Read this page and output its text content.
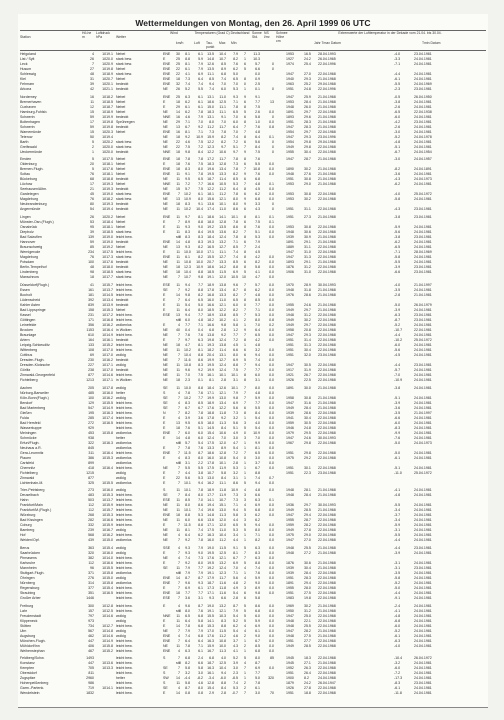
Wettermeldungen von Montag, den 26. April 1999 06 UTC
Station
Hö-he m
Luftdruck hPa	Wetter
Wind	Temperaturen (Grad C) Deutschland Sonne Std.
NS l/m²
Schnee Höhe cm
Extremwerte der Lufttemperatur in der Dekade vom 21.04. bis 30.04.
Luft Tau-punkt
Max Min
km/h	Jahr Tmax Datum	Tmin Datum
Helgoland	4	1019.1 Nebel	ENE 30 8.1	6.1	13.5	10.4	7.9	7	11.3	1953	16.5 28.04.1993	-4.0	23.04.1981
List / Sylt	26	1020.0 stark bew.	E	25 8.8	5.9	14.8	10.7	8.2	1	10.3	1927	24.2 26.04.1965	-3.3	24.04.1981
Leck	7	1020.9 stark bew.	ENE 25 8.1	7.9	12.6	8.5	7.6	6	5.7	0	1974	25.4 22.04.1996	-7.1	24.04.1981
Husum	27	1019.8 Nebel	ENE 22 6.1	7.9	13.5	8.9	6.2	5	6.6	0
Schleswig	48	1018.9 stark bew.	ENE 22 4.1	6.9	11.1	6.8	5.0	0.0	1947	27.0 22.04.1968	-4.4	24.04.1981
Kiel	31	1020.7 Nebel	ENE 18 7.3	6.4	8.5	7.4	6.5	8	0.9	1940	29.3 21.04.1968	-6.1	24.04.1981
Fehmarn	39	1020.1 bedeckt	ENE 32 7.4	7.4	9.4	7.0	7.0	0	2.5	1963	25.2 29.04.1968	-5.5	24.04.1969
Arkona	42	1021.1 bedeckt	NE 26 5.2	5.5	7.4	6.0	5.3	1	0.1	0	1951	24.8 22.04.1996	-2.3	23.04.1981
Norderney	16	1018.2 Nebel	ENE 25 6.3	6.1	13.1	11.0	9.3	9	9.1	1947	25.9 21.04.1968	-0.5	26.04.1950
Bremerhaven	11	1018.5 Nebel	E	18 6.2	6.1	18.6	12.5	7.1	6	7.7	13	1953	28.4 21.04.1968	-3.8	24.04.1981
Cuxhaven	12	1018.7 Nebel	E	29 6.1	6.1	15.0	11.1	7.8	8	7.5	1948	26.0 21.04.1968	-2.6	24.04.1981
Hamburg-Fuhlsb.	15	1018.9 Nebel	NE 14 6.2	7.8	18.3	11.1	6.5	5	2.6	0.0	1891	29.7 22.04.1968	-6.5	22.04.1938
Schwerin	59	1019.9 bedeckt	NNE 16 4.6	7.9	13.1	9.1	7.0	6	5.8	0	1893	29.6 21.04.1968	-6.0	24.04.1981
Boltenhagen	17	1019.8 Sprühregen	NE 29 7.1	7.0	8.0	7.0	6.0	8	1.0	0.0	1951	28.3 21.04.1968	-4.2	23.04.1981
Schwerin	59	1019.8 bedeckt	NE 13 6.7	9.2	11.2	11.7	6.4	7	7.6	0.8	1947	28.3 21.04.1968	-2.6	24.04.1981
Warnemünde	15	1020.3 Nebel	ENE 16 8.1	7.1	7.3	7.8	7.0	7	4.8	1954	29.7 22.04.1968	-3.0	24.04.1981
Teterow	50	1019.4	NE 18 9.2	10.9	15.9	8.2	7.4	8	6.4	0.1	1947	29.3 23.04.1996	-5.2	24.04.1978
Barth	5	1020.2 stark bew.	NE 22 4.6	7.5	12.2	8.2	7.2	6	5.6	0	1954	29.8 29.04.1968	-4.8	24.04.1981
Greifswald	2	1020.0 stark bew.	NE 22 7.5	7.2	12.3	9.7	5.1	7	8.4	0	1949	29.8 22.04.1968	-5.1	24.04.1981
Ueckermünde	1	1020.0 bedeckt	NNE 18 9.8	8.4	12.2	10.6	9.7	9	7.5	0	1955	30.4 22.04.1968	-6.7	24.04.1954
Emden	5	1017.5 Nebel	ENE 18 7.8	7.8	17.2	11.7	7.8	8	7.6	1947	28.7 21.04.1968	-3.0	24.04.1957
Oldenburg	20	1018.1 Nebel	E	18 7.6	7.5	18.3	12.8	7.3	6	5.5	0.0
Bremen-Flugh.	5	1017.6 Nebel	ENE 18 8.3	8.0	19.6	13.4	7.8	7	10.8	0.0	1890	30.2 21.04.1968	-8.2	24.04.1891
Soltau	76	1018.1 Nebel	ENE 11 9.1	7.8	19.5	13.3	8.2	9	7.6	0.0	1948	27.6 21.04.1968	-3.6	24.04.1981
Bückeburg	68	1018.8 bedeckt	NE 11 9.5	6.5	18.7	11.4	8.5	6	6.8	1951	30.8 21.04.1968	-4.3	24.04.1973
Lüchow	17	1019.3 Nebel	NNE 11 7.2	7.7	16.6	10.5	5.3	7	4.8	0.1	1953	29.0 21.04.1968	-6.2	24.04.1981
Seehausen/Altm.	21	1019.3 bedeckt	NE 15 5.7	7.5	12.2	11.2	6.4	8	4.5	0.0
Gardelegen	45	1019.0 stark bew.	ENE	7 10.2	6.1	18.1	11.2	7.8	6	6.2	0.0	1953	30.8 22.04.1968	-4.0	25.04.1972
Magdeburg	76	1018.2 stark bew.	NE 13 10.9	8.0	15.6	12.1	8.0	9	6.8	0.0	1953	30.2 22.04.1968	-5.8	24.04.1981
Neubrandenburg	80	1019.3 bedeckt	NE 18 8.3	9.1	13.6	10.1	8.0	9	3.3	0
Angermünde	54	1019.4 bedeckt	NE 11 10.2	10.4	17.4	11.0	8.6	6	4.3	0	1951	31.1 22.04.1968	-4.3	23.04.1981
Lingen	26	1020.2 Nebel	ENE 11 9.7	8.1	18.6	14.1	10.1	8	8.1	0.1	1951	27.3 21.04.1968	-3.8	23.04.1981
Münster-Osn.(Flugh.)	53	1018.4 Nebel	E	7 8.9	8.8	18.0	12.8	7.8	6	7.5	0.1
Osnabrück	95	1018.1 Nebel	E	11 9.3	9.0	19.2	13.5	8.6	8	7.6	0.0	1953	30.8 22.04.1968	-5.9	24.04.1981
Diepholz	39	1018.5 stark bew.	E	11 8.3	8.4	19.5	13.6	8.2	7	5.1	0.0	1948	30.6 22.04.1968	-5.6	24.04.1981
Bad Salzuflen	139	1019.0 leicht bew.	still 8.3	8.3	18.4	12.4	7.8	8	5.3	0.0	1939	30.9 21.04.1968	-3.8	23.04.1981
Hannover	59	1019.0 bedeckt	ENE 14 4.8	8.3	19.3	13.2	7.1	6	7.9	1891	29.1 21.04.1968	-6.2	24.04.1981
Braunschweig	85	1019.2 Nebel	NE 13 9.3	8.2	16.5	12.7	8.5	7	2.4	1889	31.1 22.04.1968	-6.5	24.04.1981
Wernigerode	234	1017.5 leicht bew.	E	11 10.0	10.0	17.1	11.1	7.4	8	4.5	1947	31.0 22.04.1968	-7.1	28.04.1969
Magdeburg	76	1017.3 stark bew.	ENE 11 6.1	8.2	15.5	12.7	7.4	8	4.2	0.0	1947	31.3 22.04.1968	-5.8	24.04.1981
Potsdam	100	1017.6 bedeckt	NE 11 10.8	10.0	20.7	13.3	8.5	6	8.2	0.0	1893	29.1 21.04.1968	-5.5	24.04.1981
Berlin-Tempelhof	48	1018.0 bedeckt	NE 18 12.3	10.9	18.6	14.2	8.8	8	5.8	0.0	1876	31.2 22.04.1968	-3.9	23.04.1981
Lindenberg	98	1018.5 stark bew.	NE 18 10.4	8.8	18.5	11.5	6.9	5	4.1	0.0	1906	31.0 22.04.1968	-6.6	23.04.1981
Manschnow	18	1017.7 stark bew.	NE	7 10.7	9.8	19.1	12.0	10.5 10	4.7	0.0
Düsseldorf(Flugh.)	41	1015.7 leicht bew.	ESE 11 9.4	7.7	18.9	13.8	9.6	7	5.7	0.0	1970	28.9 30.04.1993	-4.0	21.04.1997
Essen	161	1013.7 leicht bew.	SE	7 9.2	8.8	17.8	13.4	8.7	8	6.2	0.0	1948	31.8 21.04.1968	-3.5	24.04.1981
Bocholt	181	1014.5 leicht bew.	E	14 9.8	8.2	16.8	13.3	8.2	7	4.8	0.0	1976	28.6 21.04.1968	-2.8	21.04.1981
Lüdenscheid	392	1013.4 bedeckt	E	7 6.4	6.5	16.0	11.0	6.5	8	8.5	0.0
Kahler Asten	839	1013.9 bedeckt	E	11 5.4	5.0	16.6	12.1	6.0	0	7.7	0.0	1955	24.6 21.04.1968	-5.0	26.04.1979
Bad Lippspringe	158	1015.3 Nebel	E	11 6.4	8.0	18.5	12.2	8.2	7	7.1	0.0	1949	29.7 21.04.1968	-3.9	24.04.1981
Kassel	231	1017.2 leicht bew.	ESE 13 9.4	7.7	18.9	13.8	8.5	7	5.3	0.0	1948	31.2 22.04.1968	-6.3	23.04.1981
Göttingen	171	1016.8 leicht bew.	still 6.0	4.8	18.2	10.2	4.1	2	8.0	0.8	1949	30.2 22.04.1968	-8.7	23.04.1981
Leinefelde	356	1016.2 wolkenlos	E	4 7.7	7.1	16.6	9.8	5.8	1	7.0	0.2	1949	29.7 22.04.1968	-5.2	24.04.1981
Brocken	1153	1016.4 in Wolken	NE 40 0.4	0.4	6.8	2.8	1.2	9	6.4	0.0	1958	20.8 22.04.1968	-10.7	22.04.1981
Braunlage	610	1014.9 leicht bew.	NE	7 7.6	7.6	13.8	9.2	7.7	7	6.5	0.0	1947	29.3 22.04.1968	-4.4	24.04.1981
Artern	164	1016.1 bedeckt	E	7 9.7	6.3	19.8	12.4	7.2	8	4.2	0.0	1951	31.4 22.04.1968	-10.2	25.04.1972
Leipzig-Schkeuditz	133	1015.2 leicht bew.	NE 18 4.7	8.1	19.3	13.8	4.5	1	4.8	1951	31.3 22.04.1968	-6.0	24.04.1981
Wittenberg	108	1017.0 leicht bew.	NE 11 10.2	8.1	18.2	11.4	6.6	6	3.2	0.0	1951	30.4 22.04.1968	-5.6	24.04.1981
Cottbus	69	1017.0 wolkig	NE	7 10.4	8.8	20.4	13.1	8.0	6	9.4	0.0	1951	32.0 23.04.1968	-4.5	24.04.1981
Dresden-Flugh.	230	1016.2 bedeckt	NE	7 11.6	8.6	19.9	12.7	6.9	5	7.4	0.0
Dresden-Klotzsche	227	1017.1 wolkig	NE 11 10.8	8.3	19.5	12.4	8.8	7	9.4	0.0	1947	30.5 22.04.1968	-4.4	23.04.1981
Görlitz	238	1017.0 bedeckt	NE 11 9.6	9.2	19.9	12.4	7.5	7	7.7	0.0	1917	31.9 22.04.1968	-5.7	24.04.1981
Zinnwald-Georgenfeld	877	1014.6 leicht bew.	NE 11 7.0	7.5	16.1	10.1	10.1	8	6.0	0.0	1921	26.7 22.04.1968	-7.0	24.04.1981
Fichtelberg	1213	1017.1 in Wolken	NE 18 2.3	0.1	8.1	2.8	3.1	8	3.1	0.0	1926	22.5 22.04.1968	-10.9	24.04.1981
Aachen	205	1017.8 wolkig	SE 11 10.0	8.8	18.4	12.6	10.1	7	8.0	0.0	1891	30.0 21.04.1968	-3.8	24.04.1981
Nürburg-Barweiler	485	1016.0 heiter	S	4 7.8	7.6	17.1	12.1	7.9	7	4.8	0.0
Köln-Bonn(Flugh.)	100	1016.2 wolkig	SE	7 10.2	7.7	19.9	13.0	9.8	7	5.9	0.0	1958	30.8 21.04.1968	-5.1	24.04.1981
Bendorf	129	1015.5 leicht bew.	SE	4 8.3	8.5	18.9	13.4	6.9	7	7.7	0.0	1947	31.6 21.04.1968	-3.9	24.04.1981
Bad Marienberg	547	1014.9 leicht bew.	SE	7 6.7	6.7	17.6	12.2	5.6	6	5.5	0.0	1949	28.4 21.04.1968	-3.6	24.04.1981
Gießen	195	1016.3 leicht bew.	N	7 8.2	7.8	18.8	11.8	7.3	8	8.4	0.0	1939	28.6 22.04.1968	-3.5	21.04.1997
Fulda	285	1017.4 leicht bew.	E	4 3.9	3.6	17.8	9.2	3.2	1	5.4	0.0	1941	30.4 22.04.1968	-6.6	24.04.1981
Bad Hersfeld	272	1016.5 leicht bew.	E	13 9.5	6.5	18.0	11.3	5.6	3	4.0	0.0	1959	30.5 22.04.1968	-6.0	24.04.1981
Wasserkuppe	929	leicht bew.	E	18 7.6	5.1	14.5	8.4	5.1	5	5.4	0.0	1946	24.8 22.04.1968	-8.3	24.04.1981
Meiningen	453	1015.8 wolkenlos	ENE	7 6.0	6.0	15.4	10.6	4.9	0	10.9	0.0	1979	29.5 22.04.1968	-9.9	24.04.1981
Schmücke	938	heiter	E	14 4.8	6.0	12.4	7.0	3.0	3	7.0	0.0	1947	24.6 30.04.1993	-7.6	24.04.1981
Erfurt/Flugh.	322	1016.3 wolkenlos	still 5.7	5.4	17.5	12.0	4.7	1	9.9	0.0	1967	29.8 22.04.1968	-5.0	24.04.1973
Neuhaus a.R.	845	wolkenlos	E	7 7.8	7.6	13.3	8.9	5.4	1	8.1	0.0
Gera-Leumnitz	311	1016.4 leicht bew.	ENE	7 11.5	8.7	18.6	12.8	7.2	7	6.5	0.0	1951	29.8 22.04.1968	-5.0	24.04.1981
Plauen	386	1015.3 wolkenlos	E	4 8.3	8.0	16.0	10.8	5.4	0	3.0	0.0	1975	29.2 22.04.1968	-6.1	24.04.1981
Carlsfeld	899	wolkenlos	still 3.1	2.2	17.8	10.1	2.8	1	3.7	0.0
Chemnitz	418	1016.4 leicht bew.	NE	7 5.5	5.5	17.5	11.9	5.3	1	6.7	0.0	1951	30.1 22.04.1968	-5.1	24.04.1981
Fichtelberg	1215	wolkig	E	7 4.4	3.8	10.7	5.8	3.2	1	8.8	1951	22.3 23.04.1968	-11.0	25.04.1972
Zinnwald	877	wolkig	E	22 5.6	5.3	13.0	8.4	3.1	1	7.4	0.7
Lichtenhain-M.	325	1015.5 wolkenlos	E	7 10.1	9.4	16.2	11.1	8.6	5	9.4	0.0
Trier-Petrisberg	273	1016.0 wolkig	S	11 10.1	7.8	18.9	11.8	10.9	4	4.8	0.0	1948	28.1 21.04.1968	-4.1	24.04.1981
Deuselbach	483	1015.3 leicht bew.	SE	7 8.4	8.0	17.7	11.9	7.3	3	6.6	1948	28.4 21.04.1968	-4.8	24.04.1981
Hahn	503	1013.7 leicht bew.	ESE 11 8.5	7.0	14.1	10.7	7.3	3	6.3	0.1
Frankfurt/Main	112	1015.9 leicht bew.	NE 11 8.0	8.6	19.4	15.1	7.1	4	6.9	0.0	1936	29.7 30.04.1993	-5.5	24.04.1981
Frankfurt/M.(Flugh.)	112	1015.7 leicht bew.	NE 11 10.1	7.4	19.6	13.0	9.4	5	6.8	0.0	1949	28.5 21.04.1968	-3.4	24.04.1981
Würzburg	268	1015.3 leicht bew.	ENE 18 8.8	5.3	14.8	11.3	5.8	3	6.2	0.0	1947	29.4 22.04.1968	-3.7	24.04.1981
Bad Kissingen	282	1016.6 leicht bew.	NE 11 6.0	6.6	13.6	12.0	4.4	3	6.2	1955	28.7 22.04.1968	-3.4	24.04.1981
Coburg	332	1015.9 leicht bew.	E	7 11.5	8.8	17.1	12.0	6.5	5	9.4	0.0	1959	28.2 22.04.1968	-5.9	24.04.1981
Bamberg	239	1016.7 wolkig	NE 11 8.1	7.4	17.5	11.0	5.3	5	8.0	0.0	1949	27.8 22.04.1968	-3.1	24.04.1981
Hof	568	1016.2 leicht bew.	NE	4 6.4	6.2	16.3	10.4	3.4	1	7.1	0.0	1975	29.0 22.04.1968	-5.5	24.04.1981
Weiden/Opf.	439	1015.0 wolkenlos	NE	7 9.2	7.8	16.0	11.2	4.4	1	8.2	0.0	1947	27.0 22.04.1968	-4.4	24.04.1981
Berus	363	1015.4 wolkig	SSE	4 9.3	7.9	19.0	11.5	9.1	5	6.3	0.0	1948	25.5 21.04.1968	-4.4	23.04.1981
Saarbrücken	320	1016.0 wolkig	E	7 9.3	9.0	19.5	12.5	8.1	7	8.3	0.0	1948	27.2 21.04.1968	-3.9	24.04.1981
Pirmasens	382	1014.0 leicht bew.	NE	4 7.4	7.3	17.6	12.1	6.7	7	6.3	0.0
Karlsruhe	112	1016.6 leicht bew.	E	7 9.2	8.0	19.5	13.2	6.9	5	8.8	0.0	1876	30.6 21.04.1968	-3.1	24.04.1981
Mannheim	96	1015.5 leicht bew.	SE 11 7.9	7.7	19.2	12.4	7.0	4	7.4	0.0	1939	30.4 21.04.1968	-3.1	23.04.1981
Stuttgart-Flugh.	371	1015.8 wolkenlos	still 7.9	7.9	19.1	12.3	7.1	1	7.6	0.0	1939	28.4 22.04.1968	-3.5	24.04.1981
Öhringen	276	1015.0 wolkig	ENE 14 8.7	8.7	17.9	11.7	5.6	4	5.9	0.0	1951	28.3 22.04.1968	-5.8	24.04.1981
Nürnberg	314	1015.8 wolkenlos	ENE	7 9.6	9.3	18.7	11.6	4.8	2	9.0	0.0	1891	29.4 22.04.1968	-5.2	24.04.1981
Regensburg	377	1015.4 leicht bew.	E	7 6.9	6.1	17.3	11.8	4.9	3	8.9	0.0	1955	28.0 22.04.1968	-5.0	24.04.1981
Straubing	351	1016.5 leicht bew.	ENE 18 7.7	7.7	17.1	11.6	5.4	6	9.8	0.0	1951	27.5 22.04.1968	-4.4	24.04.1981
Großer Arber	1446	leicht bew.	ESE	7 3.6	3.1	9.3	6.6	2.8	6	5.8	1983	19.8 22.04.1968	-9.1	24.04.1981
Freiburg	300	1012.8 leicht bew.	E	4 9.6	8.7	19.0	13.2	8.7	5	8.6	0.0	1969	30.2 21.04.1968	-2.4	24.04.1981
Lahr	157	1012.5 leicht bew.	still 8.0	7.6	19.1	12.1	7.9	5	6.8	0.0	1950	31.2 21.04.1968	-4.1	24.04.1981
Freudenstadt	797	1014.6 wolkig	NNE 11 6.5	6.8	15.5	10.3	5.4	5	6.0	0.0	1947	25.0 22.04.1968	-4.8	24.04.1981
Klippeneck	973	wolkig	E	11 6.4	5.8	14.1	8.3	5.2	5	5.9	0.0	1948	22.1 22.04.1968	-6.8	24.04.1981
Stötten	734	1012.7 leicht bew.	E	14 7.8	6.8	15.3	8.8	6.2	4	6.9	0.0	1948	25.5 22.04.1968	-6.0	24.04.1981
Ulm	567	1014.8 wolkig	NE	7 7.9	7.9	17.0	11.5	5.4	4	6.1	0.0	1947	28.2 21.04.1968	-5.2	24.04.1981
Augsburg	462	1014.6 wolkig	ENE	4 7.4	6.8	17.6	11.2	4.6	2	9.0	0.0	1948	27.5 21.04.1968	-6.1	24.04.1981
München-Flugh.	447	1014.9 leicht bew.	ENE	7 6.4	6.4	16.3	10.8	3.7	1	6.7	0.0	1951	27.7 22.04.1968	-6.3	24.04.1981
Mühldorf/Inn	406	1015.8 leicht bew.	NE 11 7.8	7.1	15.9	10.0	4.3	2	8.5	0.0	1949	28.5 22.04.1968	-4.0	24.04.1981
Weihenstephan	467	1015.2 leicht bew.	ENE	4 6.3	6.1	16.7	11.3	4.1	1	6.8	0.0
Feldberg/Schw.	1493	leicht bew.	S	7 6.8	2.4	6.8	4.0	5.2	5	8.0	85	1945	18.3 22.04.1968	-10.4	26.04.1972
Konstanz	447	1013.6 leicht bew.	still 8.2	6.6	18.7	12.5	3.9	4	8.7	1945	27.1 21.04.1968	-3.2	24.04.1981
Kempten	705	1013.3 leicht bew.	SE	7 5.8	5.8	16.3	10.4	3.0	7	6.9	0.0	1952	26.3 22.04.1968	-6.0	24.04.1981
Oberstdorf	811	leicht bew.	S	7 3.2	3.0	16.1	9.4	2.3	1	7.7	1951	26.4 22.04.1968	-7.2	24.04.1981
Zugspitze	2960	heiter	SW 14 -4.4	-8.2	-3.4	-6.0	-8.5	1	5.0 320	1900	8.2	24.04.1968	-17.3	24.04.1981
Hohenpeißenberg	986	leicht bew.	S	11 5.8	4.6	12.8	8.8	7.4	2	7.8	1879	24.2 26.04.1947	-8.3	23.04.1981
Garm.-Partenk.	719	1014.1 leicht bew.	SE	4 8.7	8.0	15.4	8.4	5.3	2	6.1	1926	27.8 22.04.1968	-6.1	24.04.1981
Wendelstein	1832	leicht bew.	E	14 0.8	0.8	2.9	2.8	-0.7	7	3.0	70	1951	18.8 22.04.1968	-11.8	24.04.1981
